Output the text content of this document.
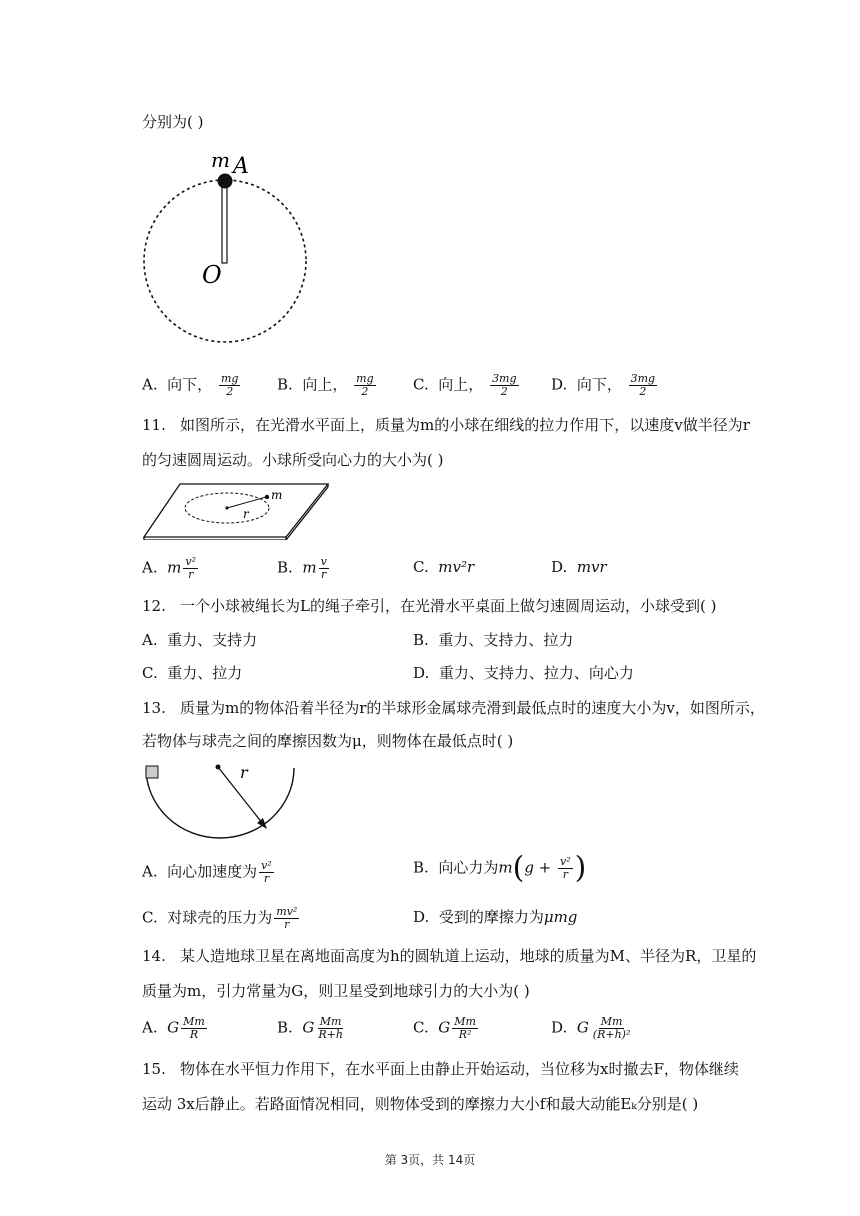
分别为( )
m A
O
A. 向下， $\frac{mg}{2} B$. 向上， $\frac{mg}{2} C$. 向上， $\frac{3mg}{2} D$. 向下， $\frac{3mg}{2}$
11. 如图所示，在光滑水平面上，质量为m的小球在细线的拉力作用下，以速度v做半径为r
的匀速圆周运动。小球所受向心力的大小为( )
m
r
A. m $\frac{\text{v²}}{r}$	B. m $\frac{v}{r}$	C. mv²r	D. mvr
12. 一个小球被绳长为L的绳子牵引，在光滑水平桌面上做匀速圆周运动，小球受到( )
A. 重力、支持力	B. 重力、支持力、拉力
C. 重力、拉力	D. 重力、支持力、拉力、向心力
13. 质量为m的物体沿着半径为r的半球形金属球壳滑到最低点时的速度大小为v，如图所示，
若物体与球壳之间的摩擦因数为μ，则物体在最低点时( )
r
A. 向心加速度为 $\frac{\text{v²}}{r}$	B. 向心力为$m(g + \frac{\text{v²}}{r}$ )
C. 对球壳的压力为 $\frac{\text{mv²}}{r}$	D. 受到的摩擦力为μmg
14. 某人造地球卫星在离地面高度为h的圆轨道上运动，地球的质量为M、半径为R，卫星的
质量为m，引力常量为G，则卫星受到地球引力的大小为( )
A. G $\frac{Mm}{R}$	B. G $\frac{Mm}{R+h}$	C. G $\frac{Mm}{\text{R²}}$	D. G $\frac{Mm}{\text{(R+h)²}}$
15. 物体在水平恒力作用下，在水平面上由静止开始运动，当位移为x时撤去F，物体继续
运动 3x后静止。若路面情况相同，则物体受到的摩擦力大小f和最大动能Eₖ分别是( )
第 3页，共 14页
